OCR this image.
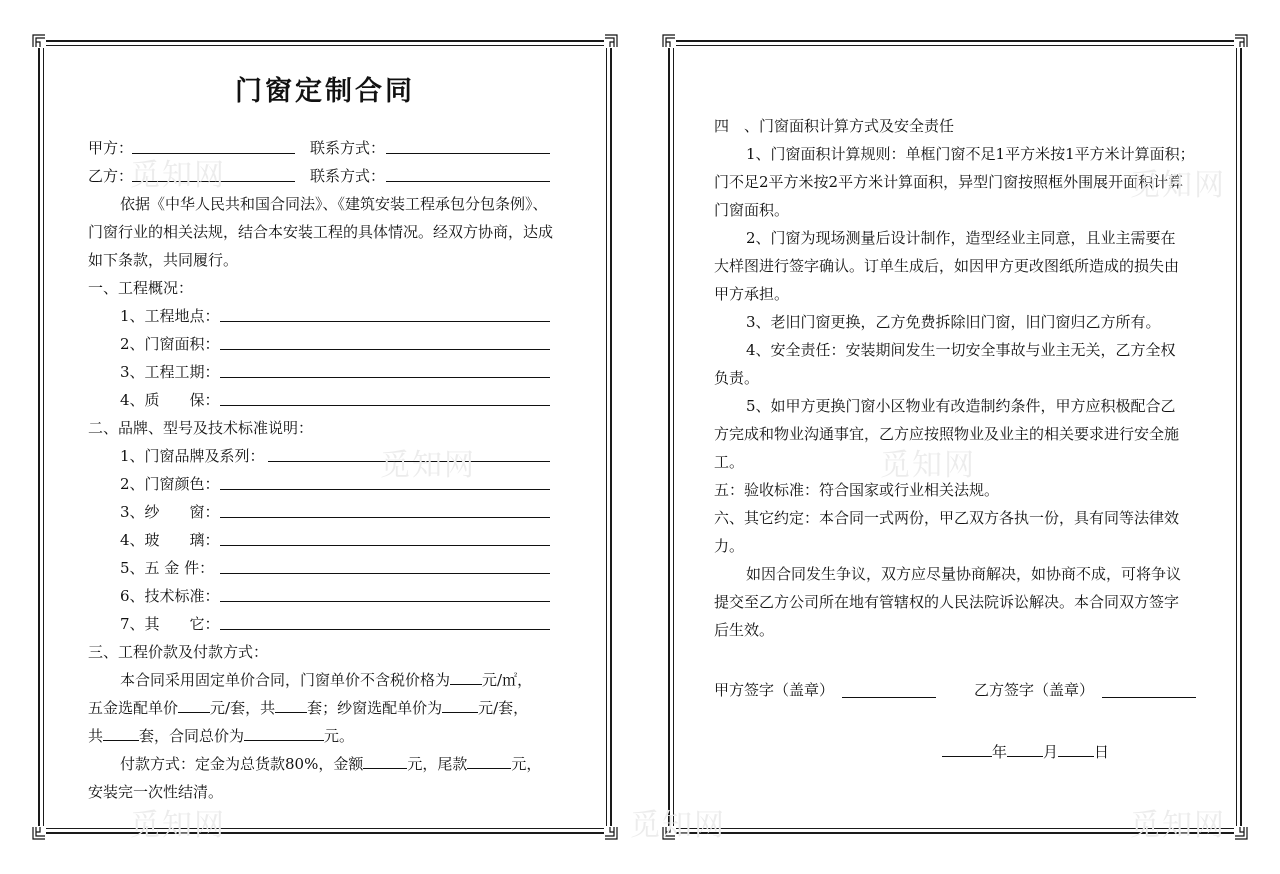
门窗定制合同
甲方：	联系方式：
乙方：	联系方式：
依据《中华人民共和国合同法》、《建筑安装工程承包分包条例》、
门窗行业的相关法规，结合本安装工程的具体情况。经双方协商，达成
如下条款，共同履行。
一、工程概况：
1、工程地点：
2、门窗面积：
3、工程工期：
4、质　　保：
二、品牌、型号及技术标准说明：
1、门窗品牌及系列：
2、门窗颜色：
3、纱　　窗：
4、玻　　璃：
5、五 金 件：
6、技术标准：
7、其　　它：
三、工程价款及付款方式：
本合同采用固定单价合同，门窗单价不含税价格为 元/㎡，
五金选配单价 元/套，共 套；纱窗选配单价为 元/套，
共 套，合同总价为	元。
付款方式：定金为总货款80%，金额	元，尾款	元，
安装完一次性结清。
四　、门窗面积计算方式及安全责任
1、门窗面积计算规则：单框门窗不足1平方米按1平方米计算面积；
门不足2平方米按2平方米计算面积，异型门窗按照框外围展开面积计算
门窗面积。
2、门窗为现场测量后设计制作，造型经业主同意，且业主需要在
大样图进行签字确认。订单生成后，如因甲方更改图纸所造成的损失由
甲方承担。
3、老旧门窗更换，乙方免费拆除旧门窗，旧门窗归乙方所有。
4、安全责任：安装期间发生一切安全事故与业主无关，乙方全权
负责。
5、如甲方更换门窗小区物业有改造制约条件，甲方应积极配合乙
方完成和物业沟通事宜，乙方应按照物业及业主的相关要求进行安全施
工。
五：验收标准：符合国家或行业相关法规。
六、其它约定：本合同一式两份，甲乙双方各执一份，具有同等法律效
力。
如因合同发生争议，双方应尽量协商解决，如协商不成，可将争议
提交至乙方公司所在地有管辖权的人民法院诉讼解决。本合同双方签字
后生效。
甲方签字（盖章）	乙方签字（盖章）
年 月 日
觅知网
觅知网
觅知网	觅知网
觅知网
觅知网
觅知网
